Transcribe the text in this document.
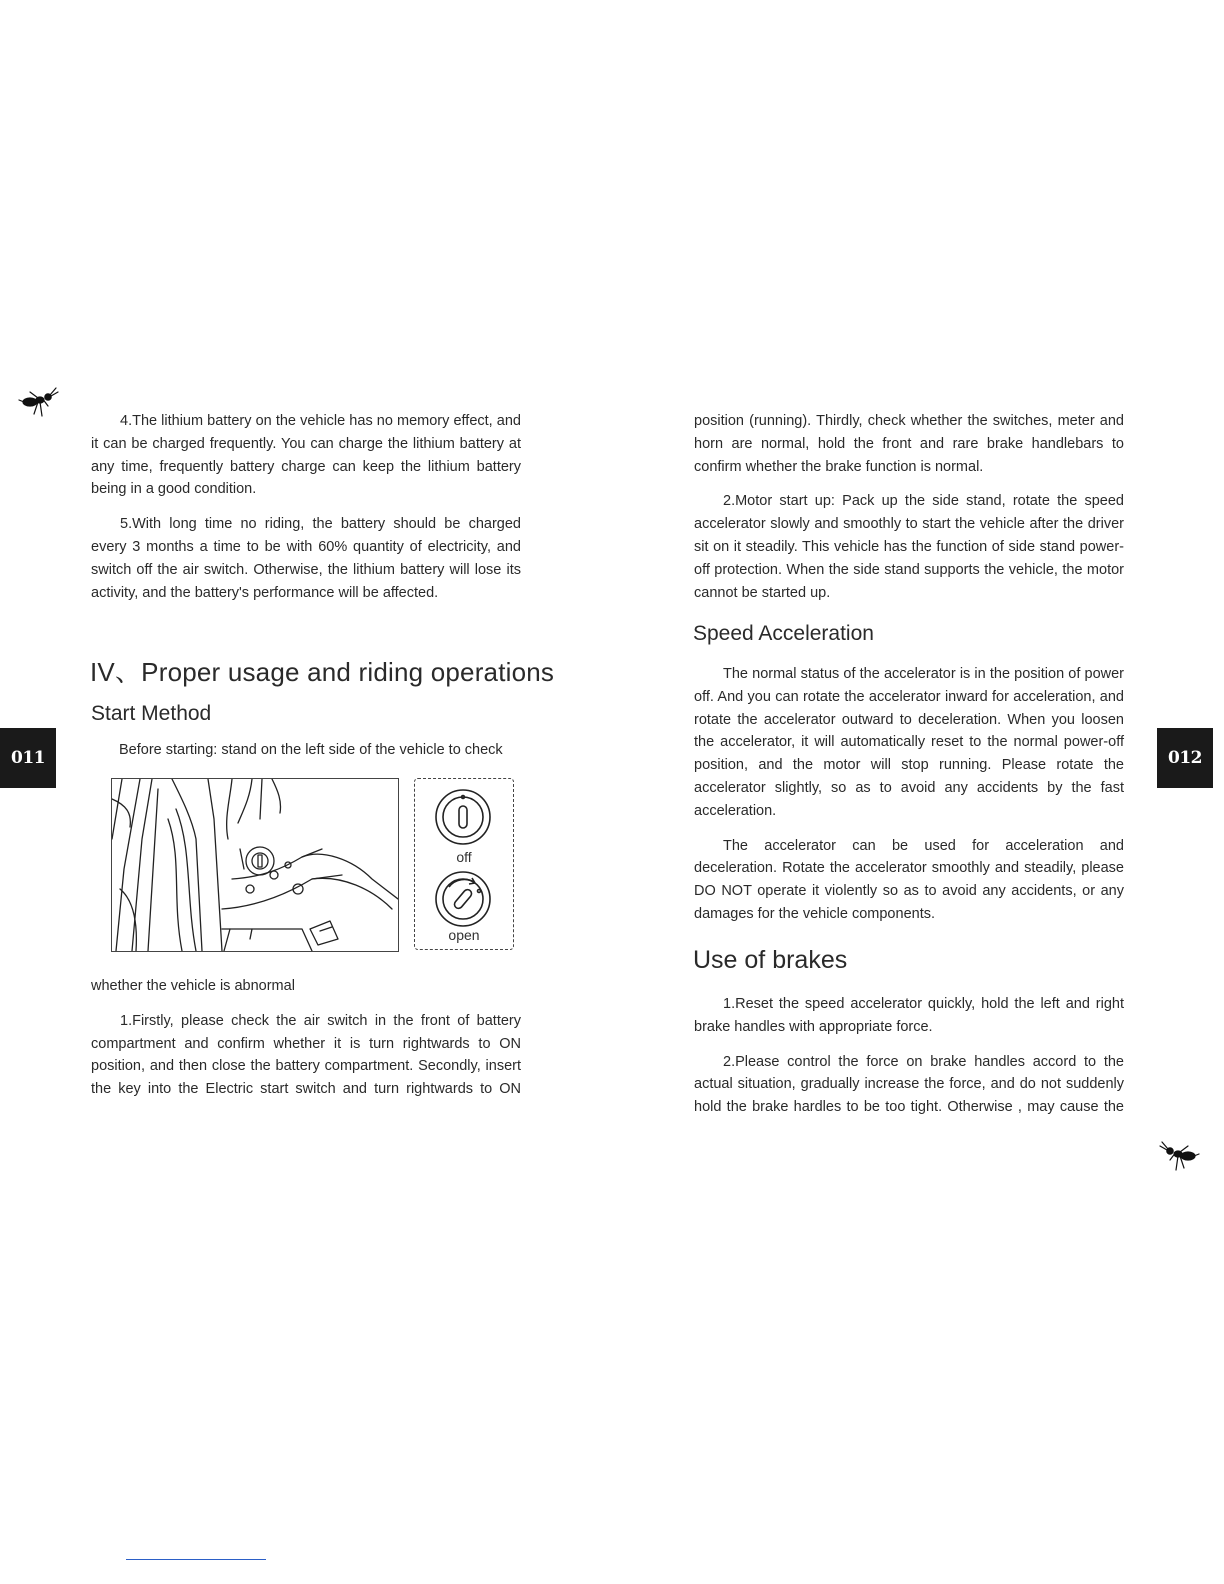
011	012

4.The lithium battery on the vehicle has no memory effect, and it can be charged frequently. You can charge the lithium battery at any time, frequently battery charge can keep the lithium battery being in a good condition.

5.With long time no riding, the battery should be charged every 3 months a time to be with 60% quantity of electricity, and switch off the air switch. Otherwise, the lithium battery will lose its activity, and the battery's performance will be affected.

IV、Proper usage and riding operations
Start Method
Before starting: stand on the left side of the vehicle to check
off
open

whether the vehicle is abnormal

1.Firstly, please check the air switch in the front of battery compartment and confirm whether it is turn rightwards to ON position, and then close the battery compartment. Secondly, insert the key into the Electric start switch and turn rightwards to ON

position (running). Thirdly, check whether the switches, meter and horn are normal, hold the front and rare brake handlebars to confirm whether the brake function is normal.

2.Motor start up: Pack up the side stand, rotate the speed accelerator slowly and smoothly to start the vehicle after the driver sit on it steadily. This vehicle has the function of side stand power-off protection. When the side stand supports the vehicle, the motor cannot be started up.

Speed Acceleration

The normal status of the accelerator is in the position of power off. And you can rotate the accelerator inward for acceleration, and rotate the accelerator outward to deceleration. When you loosen the accelerator, it will automatically reset to the normal power-off position, and the motor will stop running. Please rotate the accelerator slightly, so as to avoid any accidents by the fast acceleration.

The accelerator can be used for acceleration and deceleration. Rotate the accelerator smoothly and steadily, please DO NOT operate it violently so as to avoid any accidents, or any damages for the vehicle components.

Use of brakes

1.Reset the speed accelerator quickly, hold the left and right brake handles with appropriate force.

2.Please control the force on brake handles accord to the actual situation, gradually increase the force, and do not suddenly hold the brake hardles to be too tight. Otherwise , may cause the
